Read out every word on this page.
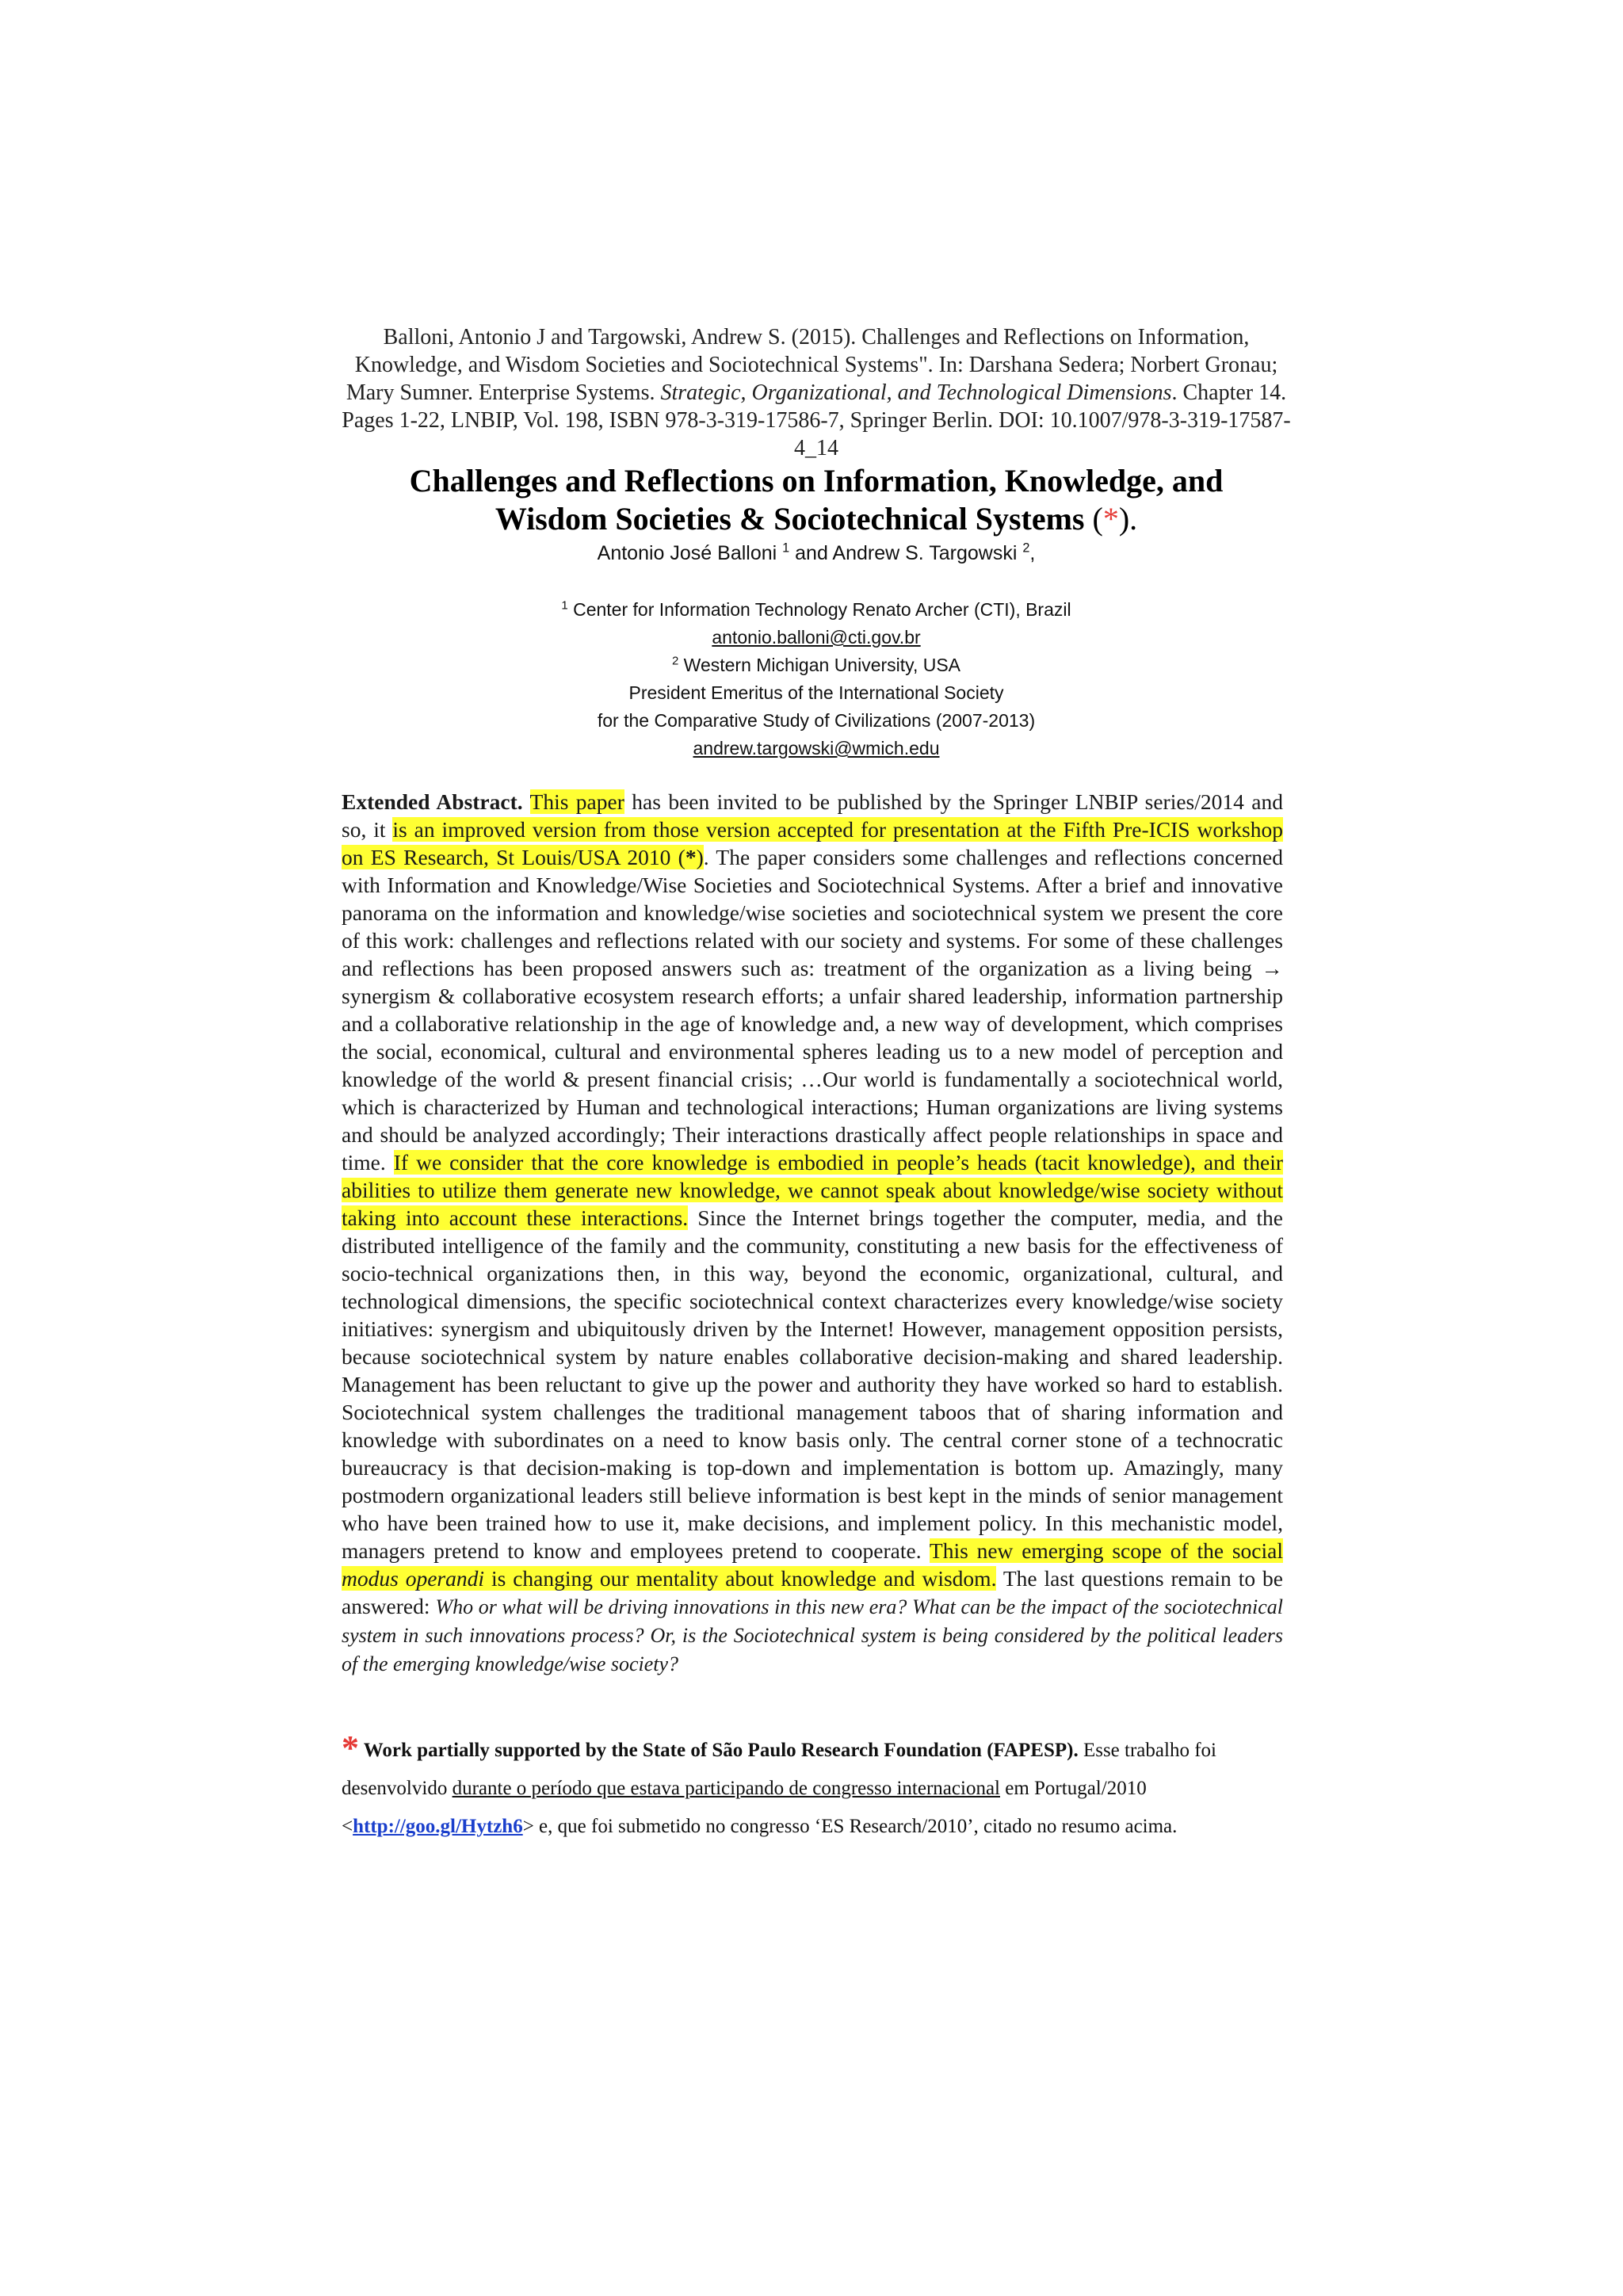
Balloni, Antonio J and Targowski, Andrew S. (2015). Challenges and Reflections on Information, Knowledge, and Wisdom Societies and Sociotechnical Systems". In: Darshana Sedera; Norbert Gronau; Mary Sumner. Enterprise Systems. Strategic, Organizational, and Technological Dimensions. Chapter 14. Pages 1-22, LNBIP, Vol. 198, ISBN 978-3-319-17586-7, Springer Berlin. DOI: 10.1007/978-3-319-17587-4_14
Challenges and Reflections on Information, Knowledge, and
Wisdom Societies & Sociotechnical Systems (*).
Antonio José Balloni $^1$ and Andrew S. Targowski $^2$,
$^1$ Center for Information Technology Renato Archer (CTI), Brazil
antonio.balloni@cti.gov.br
$^2$ Western Michigan University, USA
President Emeritus of the International Society
for the Comparative Study of Civilizations (2007-2013)
andrew.targowski@wmich.edu
Extended Abstract. This paper has been invited to be published by the Springer LNBIP series/2014 and so, it is an improved version from those version accepted for presentation at the Fifth Pre-ICIS workshop on ES Research, St Louis/USA 2010 (*). The paper considers some challenges and reflections concerned with Information and Knowledge/Wise Societies and Sociotechnical Systems. After a brief and innovative panorama on the information and knowledge/wise societies and sociotechnical system we present the core of this work: challenges and reflections related with our society and systems. For some of these challenges and reflections has been proposed answers such as: treatment of the organization as a living being → synergism & collaborative ecosystem research efforts; a unfair shared leadership, information partnership and a collaborative relationship in the age of knowledge and, a new way of development, which comprises the social, economical, cultural and environmental spheres leading us to a new model of perception and knowledge of the world & present financial crisis; …Our world is fundamentally a sociotechnical world, which is characterized by Human and technological interactions; Human organizations are living systems and should be analyzed accordingly; Their interactions drastically affect people relationships in space and time. If we consider that the core knowledge is embodied in people’s heads (tacit knowledge), and their abilities to utilize them generate new knowledge, we cannot speak about knowledge/wise society without taking into account these interactions. Since the Internet brings together the computer, media, and the distributed intelligence of the family and the community, constituting a new basis for the effectiveness of socio-technical organizations then, in this way, beyond the economic, organizational, cultural, and technological dimensions, the specific sociotechnical context characterizes every knowledge/wise society initiatives: synergism and ubiquitously driven by the Internet! However, management opposition persists, because sociotechnical system by nature enables collaborative decision-making and shared leadership. Management has been reluctant to give up the power and authority they have worked so hard to establish. Sociotechnical system challenges the traditional management taboos that of sharing information and knowledge with subordinates on a need to know basis only. The central corner stone of a technocratic bureaucracy is that decision-making is top-down and implementation is bottom up. Amazingly, many postmodern organizational leaders still believe information is best kept in the minds of senior management who have been trained how to use it, make decisions, and implement policy. In this mechanistic model, managers pretend to know and employees pretend to cooperate. This new emerging scope of the social modus operandi is changing our mentality about knowledge and wisdom. The last questions remain to be answered: Who or what will be driving innovations in this new era? What can be the impact of the sociotechnical system in such innovations process? Or, is the Sociotechnical system is being considered by the political leaders of the emerging knowledge/wise society?
* Work partially supported by the State of São Paulo Research Foundation (FAPESP). Esse trabalho foi desenvolvido durante o período que estava participando de congresso internacional em Portugal/2010 <http://goo.gl/Hytzh6> e, que foi submetido no congresso ‘ES Research/2010’, citado no resumo acima.
